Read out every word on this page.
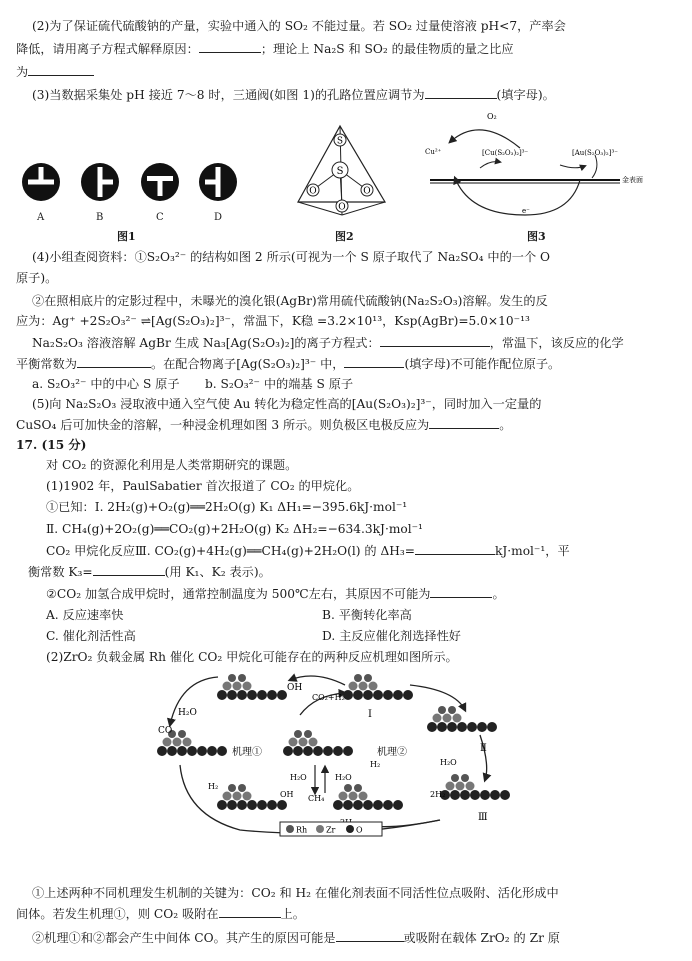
(2)为了保证硫代硫酸钠的产量，实验中通入的 SO₂ 不能过量。若 SO₂ 过量使溶液 pH<7，产率会
降低，请用离子方程式解释原因：	；理论上 Na₂S 和 SO₂ 的最佳物质的量之比应
为
(3)当数据采集处 pH 接近 7～8 时，三通阀(如图 1)的孔路位置应调节为	(填字母)。
A	B	C	D
图1
S
S
O	O
O
图2
O₂
Cu²⁺	[Cu(S₂O₃)₂]³⁻	[Au(S₂O₃)₂]³⁻
金表面
e⁻
图3
(4)小组查阅资料：①S₂O₃²⁻ 的结构如图 2 所示(可视为一个 S 原子取代了 Na₂SO₄ 中的一个 O
原子)。
②在照相底片的定影过程中，未曝光的溴化银(AgBr)常用硫代硫酸钠(Na₂S₂O₃)溶解。发生的反
应为：Ag⁺ +2S₂O₃²⁻ ⇌[Ag(S₂O₃)₂]³⁻，常温下，K稳 =3.2×10¹³，Ksp(AgBr)=5.0×10⁻¹³
Na₂S₂O₃ 溶液溶解 AgBr 生成 Na₃[Ag(S₂O₃)₂]的离子方程式：	，常温下，该反应的化学
平衡常数为	。在配合物离子[Ag(S₂O₃)₂]³⁻ 中，	(填字母)不可能作配位原子。
a. S₂O₃²⁻ 中的中心 S 原子 b. S₂O₃²⁻ 中的端基 S 原子
(5)向 Na₂S₂O₃ 浸取液中通入空气使 Au 转化为稳定性高的[Au(S₂O₃)₂]³⁻，同时加入一定量的
CuSO₄ 后可加快金的溶解，一种浸金机理如图 3 所示。则负极区电极反应为	。
17. (15 分)
对 CO₂ 的资源化利用是人类常期研究的课题。
(1)1902 年，PaulSabatier 首次报道了 CO₂ 的甲烷化。
①已知：Ⅰ. 2H₂(g)+O₂(g)══2H₂O(g) K₁ ΔH₁=−395.6kJ·mol⁻¹
Ⅱ. CH₄(g)+2O₂(g)══CO₂(g)+2H₂O(g) K₂ ΔH₂=−634.3kJ·mol⁻¹
CO₂ 甲烷化反应Ⅲ. CO₂(g)+4H₂(g)══CH₄(g)+2H₂O(l) 的 ΔH₃=	kJ·mol⁻¹，平
衡常数 K₃=	(用 K₁、K₂ 表示)。
②CO₂ 加氢合成甲烷时，通常控制温度为 500℃左右，其原因不可能为	。
A. 反应速率快	B. 平衡转化率高
C. 催化剂活性高	D. 主反应催化剂选择性好
(2)ZrO₂ 负载金属 Rh 催化 CO₂ 甲烷化可能存在的两种反应机理如图所示。
H₂O
CO
OH
CO₂+H₂
机理①	机理②
H₂
Ⅰ
Ⅱ
Ⅲ
H₂
H₂O	H₂O
CH₄
OH	2H₂
H₂O
Rh Zr	O
①上述两种不同机理发生机制的关键为：CO₂ 和 H₂ 在催化剂表面不同活性位点吸附、活化形成中
间体。若发生机理①，则 CO₂ 吸附在	上。
②机理①和②都会产生中间体 CO。其产生的原因可能是	或吸附在载体 ZrO₂ 的 Zr 原
